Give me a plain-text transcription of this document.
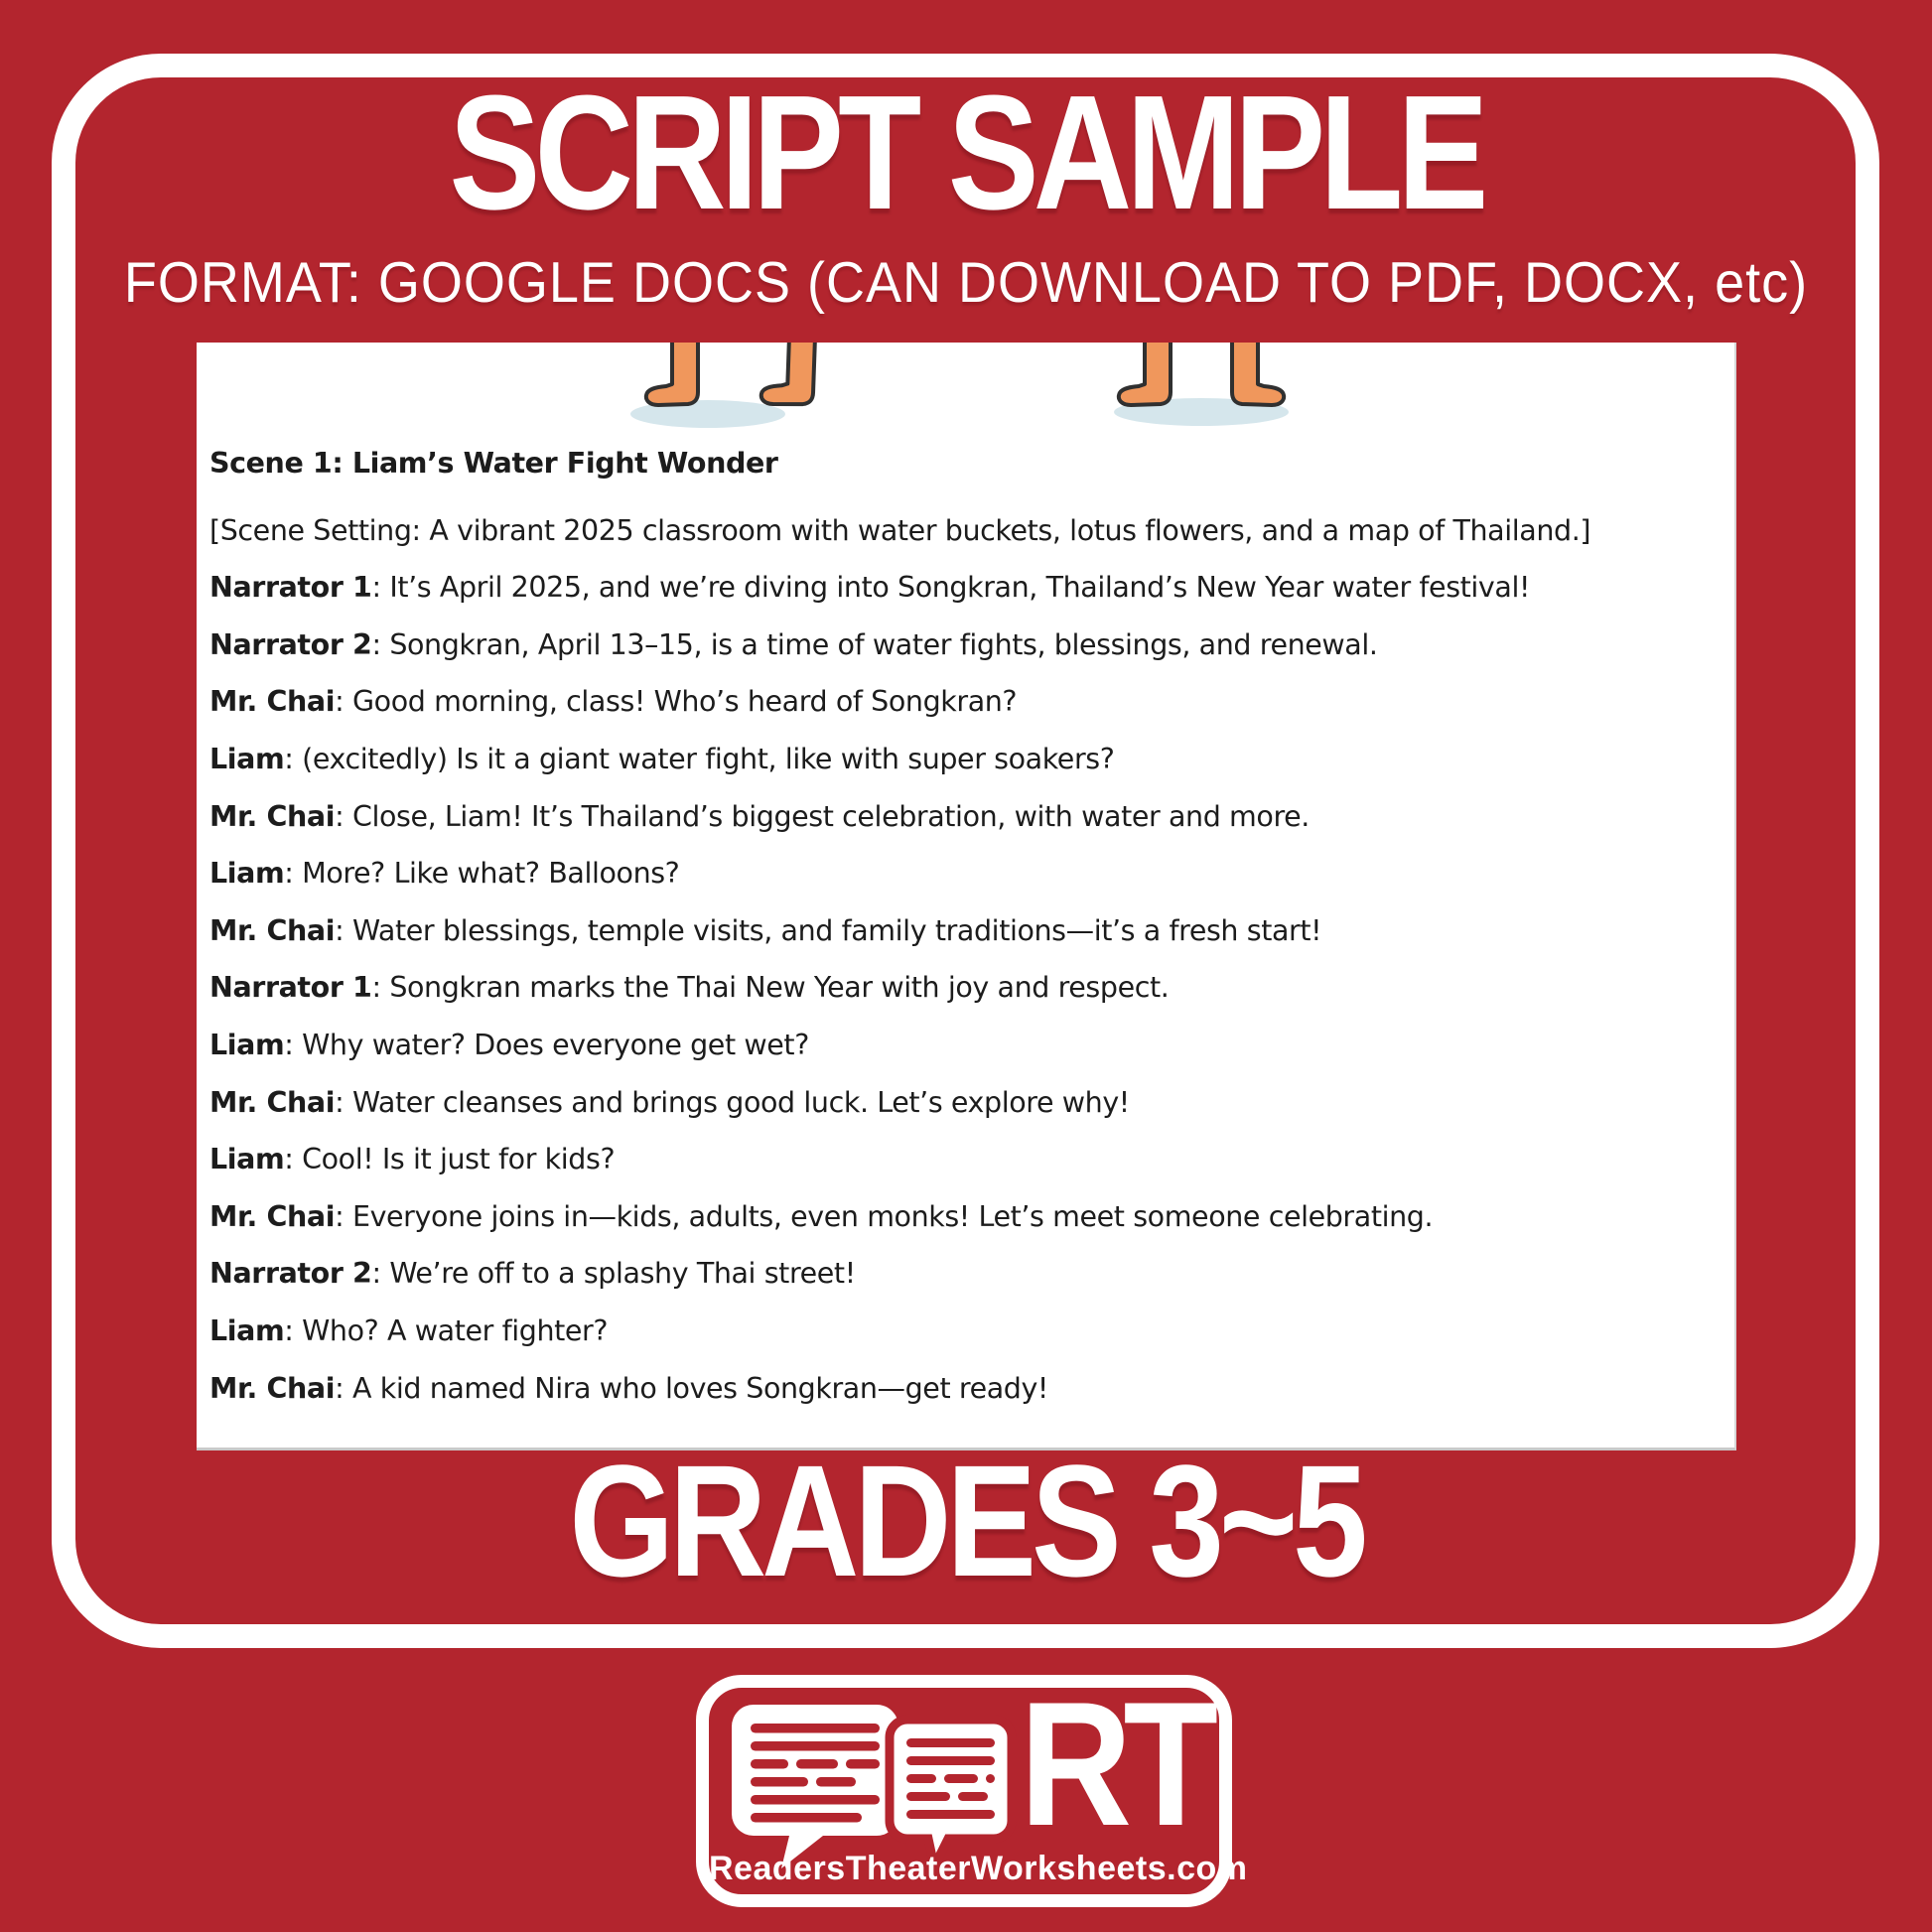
SCRIPT SAMPLE
FORMAT: GOOGLE DOCS (CAN DOWNLOAD TO PDF, DOCX, etc)

Scene 1: Liam’s Water Fight Wonder

[Scene Setting: A vibrant 2025 classroom with water buckets, lotus flowers, and a map of Thailand.]

Narrator 1: It’s April 2025, and we’re diving into Songkran, Thailand’s New Year water festival!

Narrator 2: Songkran, April 13–15, is a time of water fights, blessings, and renewal.

Mr. Chai: Good morning, class! Who’s heard of Songkran?

Liam: (excitedly) Is it a giant water fight, like with super soakers?

Mr. Chai: Close, Liam! It’s Thailand’s biggest celebration, with water and more.

Liam: More? Like what? Balloons?

Mr. Chai: Water blessings, temple visits, and family traditions—it’s a fresh start!

Narrator 1: Songkran marks the Thai New Year with joy and respect.

Liam: Why water? Does everyone get wet?

Mr. Chai: Water cleanses and brings good luck. Let’s explore why!

Liam: Cool! Is it just for kids?

Mr. Chai: Everyone joins in—kids, adults, even monks! Let’s meet someone celebrating.

Narrator 2: We’re off to a splashy Thai street!

Liam: Who? A water fighter?

Mr. Chai: A kid named Nira who loves Songkran—get ready!

GRADES 3~5
RT
ReadersTheaterWorksheets.com
